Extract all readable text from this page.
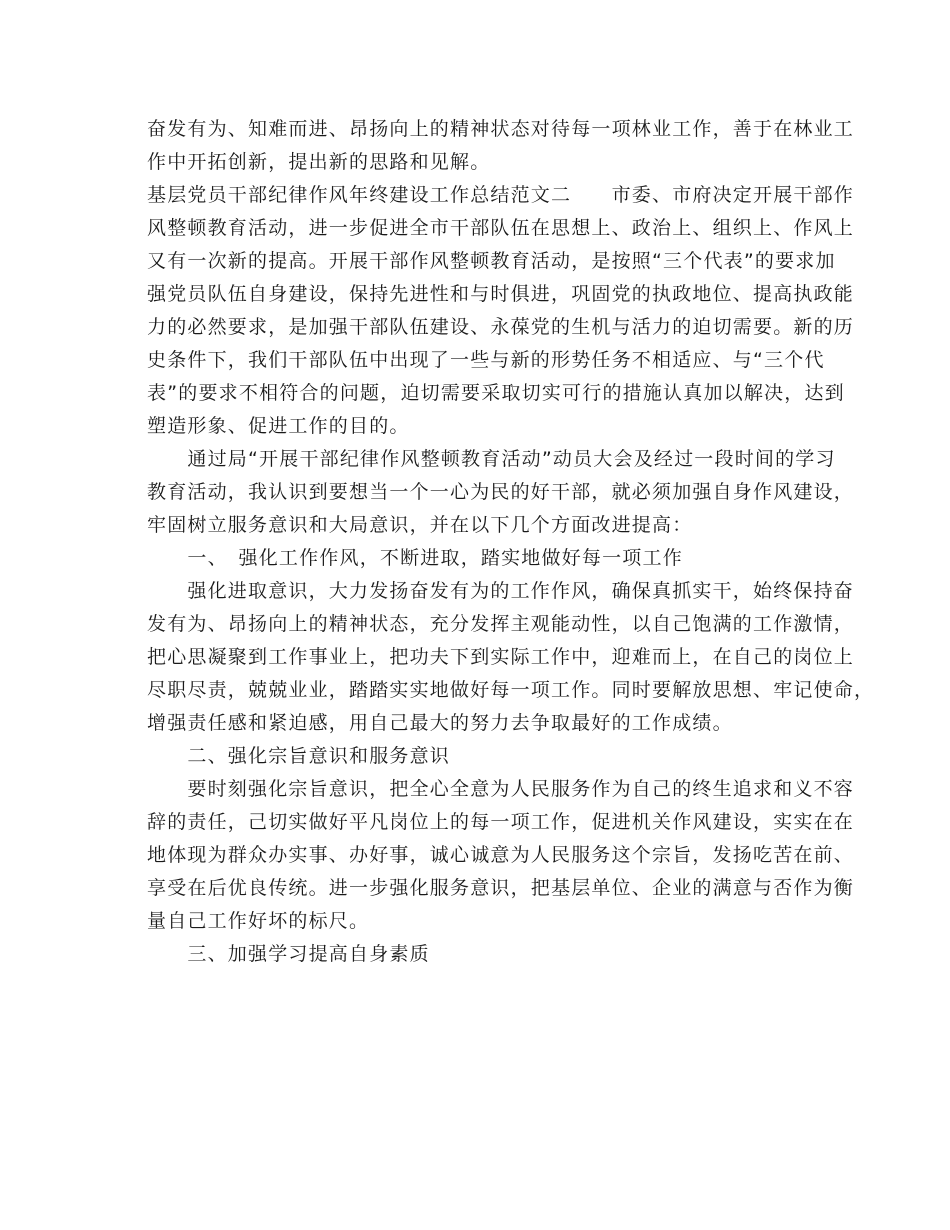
奋发有为、知难而进、昂扬向上的精神状态对待每一项林业工作，善于在林业工
作中开拓创新，提出新的思路和见解。
基层党员干部纪律作风年终建设工作总结范文二　　市委、市府决定开展干部作
风整顿教育活动，进一步促进全市干部队伍在思想上、政治上、组织上、作风上
又有一次新的提高。开展干部作风整顿教育活动，是按照“三个代表”的要求加
强党员队伍自身建设，保持先进性和与时俱进，巩固党的执政地位、提高执政能
力的必然要求，是加强干部队伍建设、永葆党的生机与活力的迫切需要。新的历
史条件下，我们干部队伍中出现了一些与新的形势任务不相适应、与“三个代
表”的要求不相符合的问题，迫切需要采取切实可行的措施认真加以解决，达到
塑造形象、促进工作的目的。
　　通过局“开展干部纪律作风整顿教育活动”动员大会及经过一段时间的学习
教育活动，我认识到要想当一个一心为民的好干部，就必须加强自身作风建设，
牢固树立服务意识和大局意识，并在以下几个方面改进提高：
　　一、　强化工作作风，不断进取，踏实地做好每一项工作
　　强化进取意识，大力发扬奋发有为的工作作风，确保真抓实干，始终保持奋
发有为、昂扬向上的精神状态，充分发挥主观能动性，以自己饱满的工作激情，
把心思凝聚到工作事业上，把功夫下到实际工作中，迎难而上，在自己的岗位上
尽职尽责，兢兢业业，踏踏实实地做好每一项工作。同时要解放思想、牢记使命，
增强责任感和紧迫感，用自己最大的努力去争取最好的工作成绩。
　　二、强化宗旨意识和服务意识
　　要时刻强化宗旨意识，把全心全意为人民服务作为自己的终生追求和义不容
辞的责任，己切实做好平凡岗位上的每一项工作，促进机关作风建设，实实在在
地体现为群众办实事、办好事，诚心诚意为人民服务这个宗旨，发扬吃苦在前、
享受在后优良传统。进一步强化服务意识，把基层单位、企业的满意与否作为衡
量自己工作好坏的标尺。
　　三、加强学习提高自身素质
